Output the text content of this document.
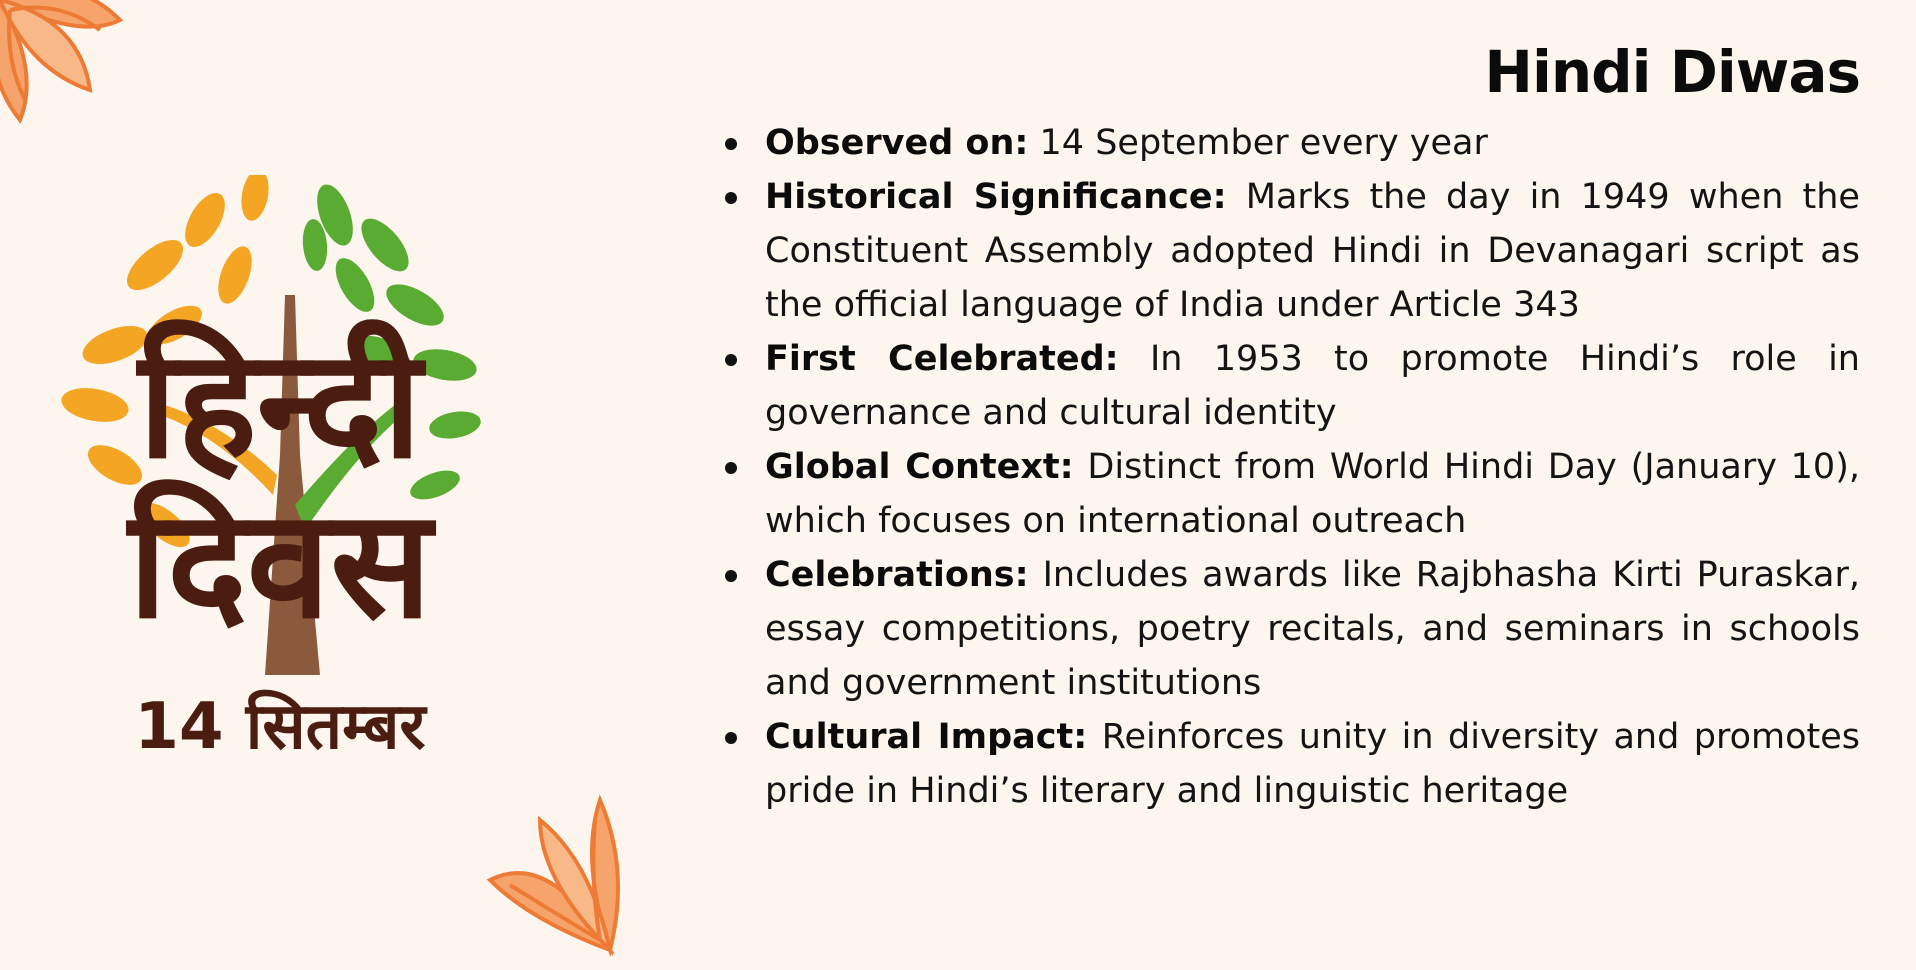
हिन्दी
दिवस
14 सितम्बर
Hindi Diwas
Observed on: 14 September every year
Historical Significance: Marks the day in 1949 when the Constituent Assembly adopted Hindi in Devanagari script as the official language of India under Article 343
First Celebrated: In 1953 to promote Hindi’s role in governance and cultural identity
Global Context: Distinct from World Hindi Day (January 10), which focuses on international outreach
Celebrations: Includes awards like Rajbhasha Kirti Puraskar, essay competitions, poetry recitals, and seminars in schools and government institutions
Cultural Impact: Reinforces unity in diversity and promotes pride in Hindi’s literary and linguistic heritage
